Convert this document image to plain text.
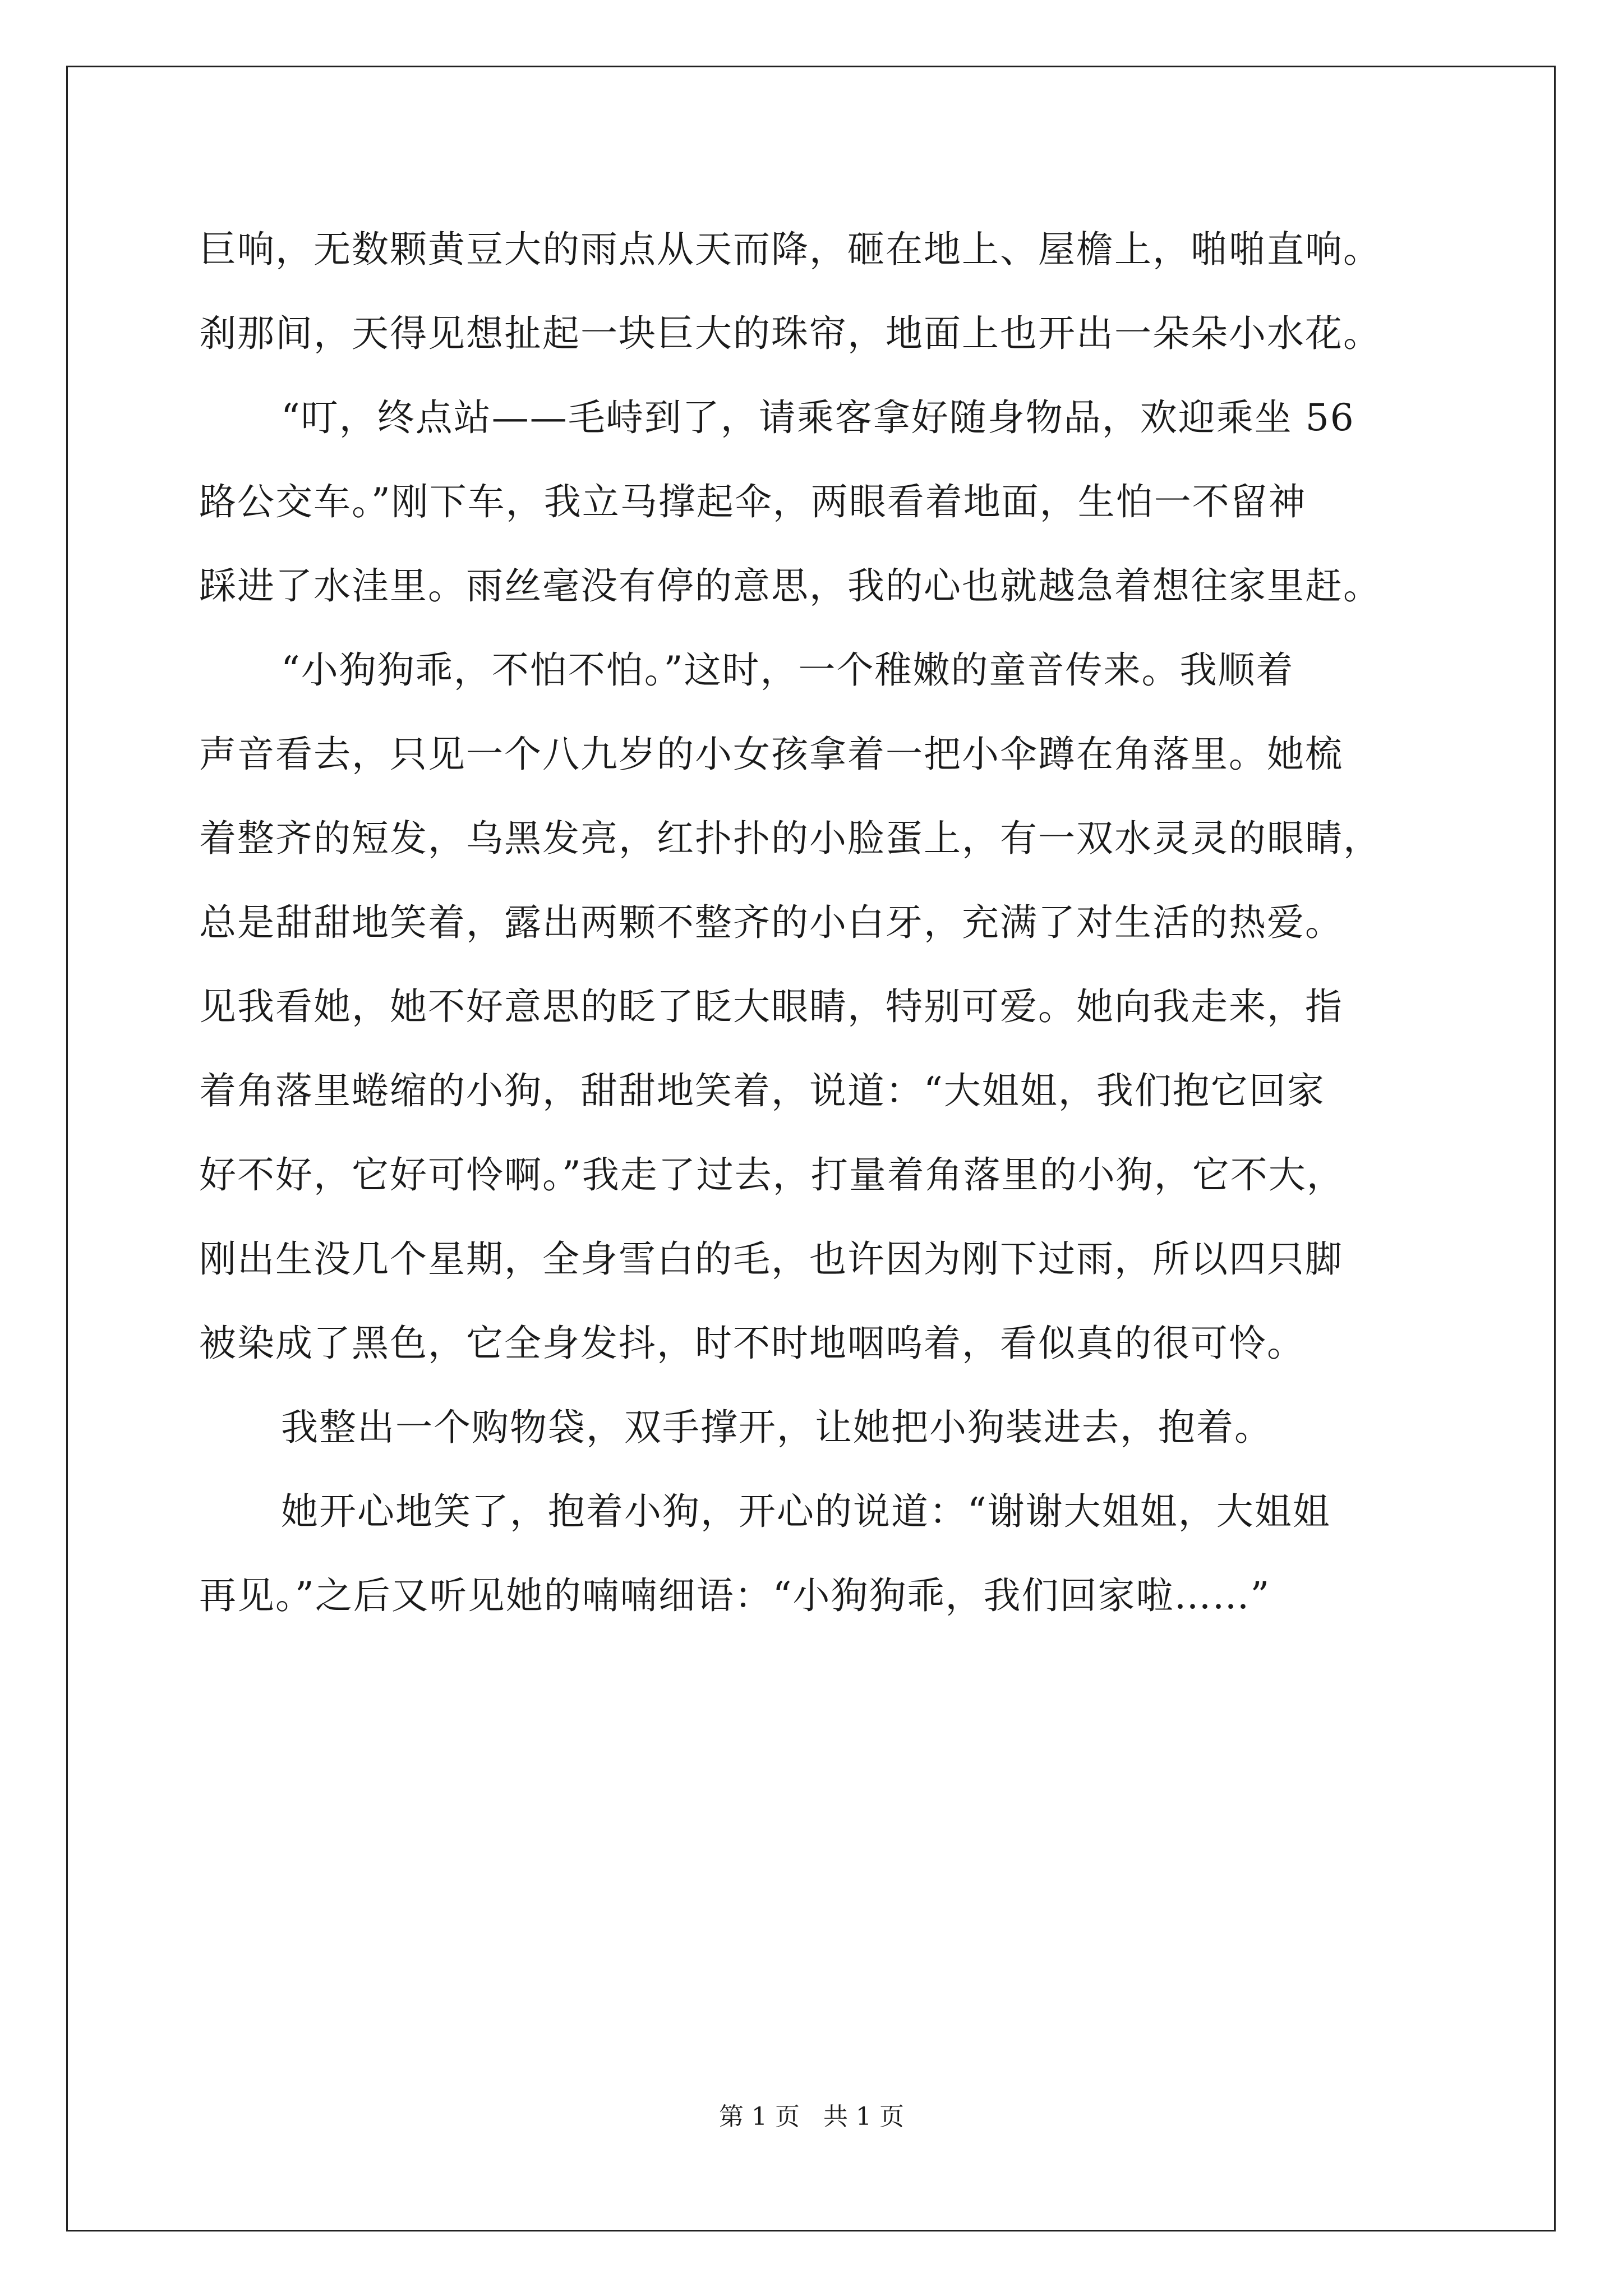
巨响，无数颗黄豆大的雨点从天而降，砸在地上、屋檐上，啪啪直响。
刹那间，天得见想扯起一块巨大的珠帘，地面上也开出一朵朵小水花。
“叮，终点站——毛峙到了，请乘客拿好随身物品，欢迎乘坐 56
路公交车。”刚下车，我立马撑起伞，两眼看着地面，生怕一不留神
踩进了水洼里。雨丝毫没有停的意思，我的心也就越急着想往家里赶。
“小狗狗乖，不怕不怕。”这时，一个稚嫩的童音传来。我顺着
声音看去，只见一个八九岁的小女孩拿着一把小伞蹲在角落里。她梳
着整齐的短发，乌黑发亮，红扑扑的小脸蛋上，有一双水灵灵的眼睛，
总是甜甜地笑着，露出两颗不整齐的小白牙，充满了对生活的热爱。
见我看她，她不好意思的眨了眨大眼睛，特别可爱。她向我走来，指
着角落里蜷缩的小狗，甜甜地笑着，说道：“大姐姐，我们抱它回家
好不好，它好可怜啊。”我走了过去，打量着角落里的小狗，它不大，
刚出生没几个星期，全身雪白的毛，也许因为刚下过雨，所以四只脚
被染成了黑色，它全身发抖，时不时地咽呜着，看似真的很可怜。
我整出一个购物袋，双手撑开，让她把小狗装进去，抱着。
她开心地笑了，抱着小狗，开心的说道：“谢谢大姐姐，大姐姐
再见。”之后又听见她的喃喃细语：“小狗狗乖，我们回家啦……”
第 1 页   共 1 页
